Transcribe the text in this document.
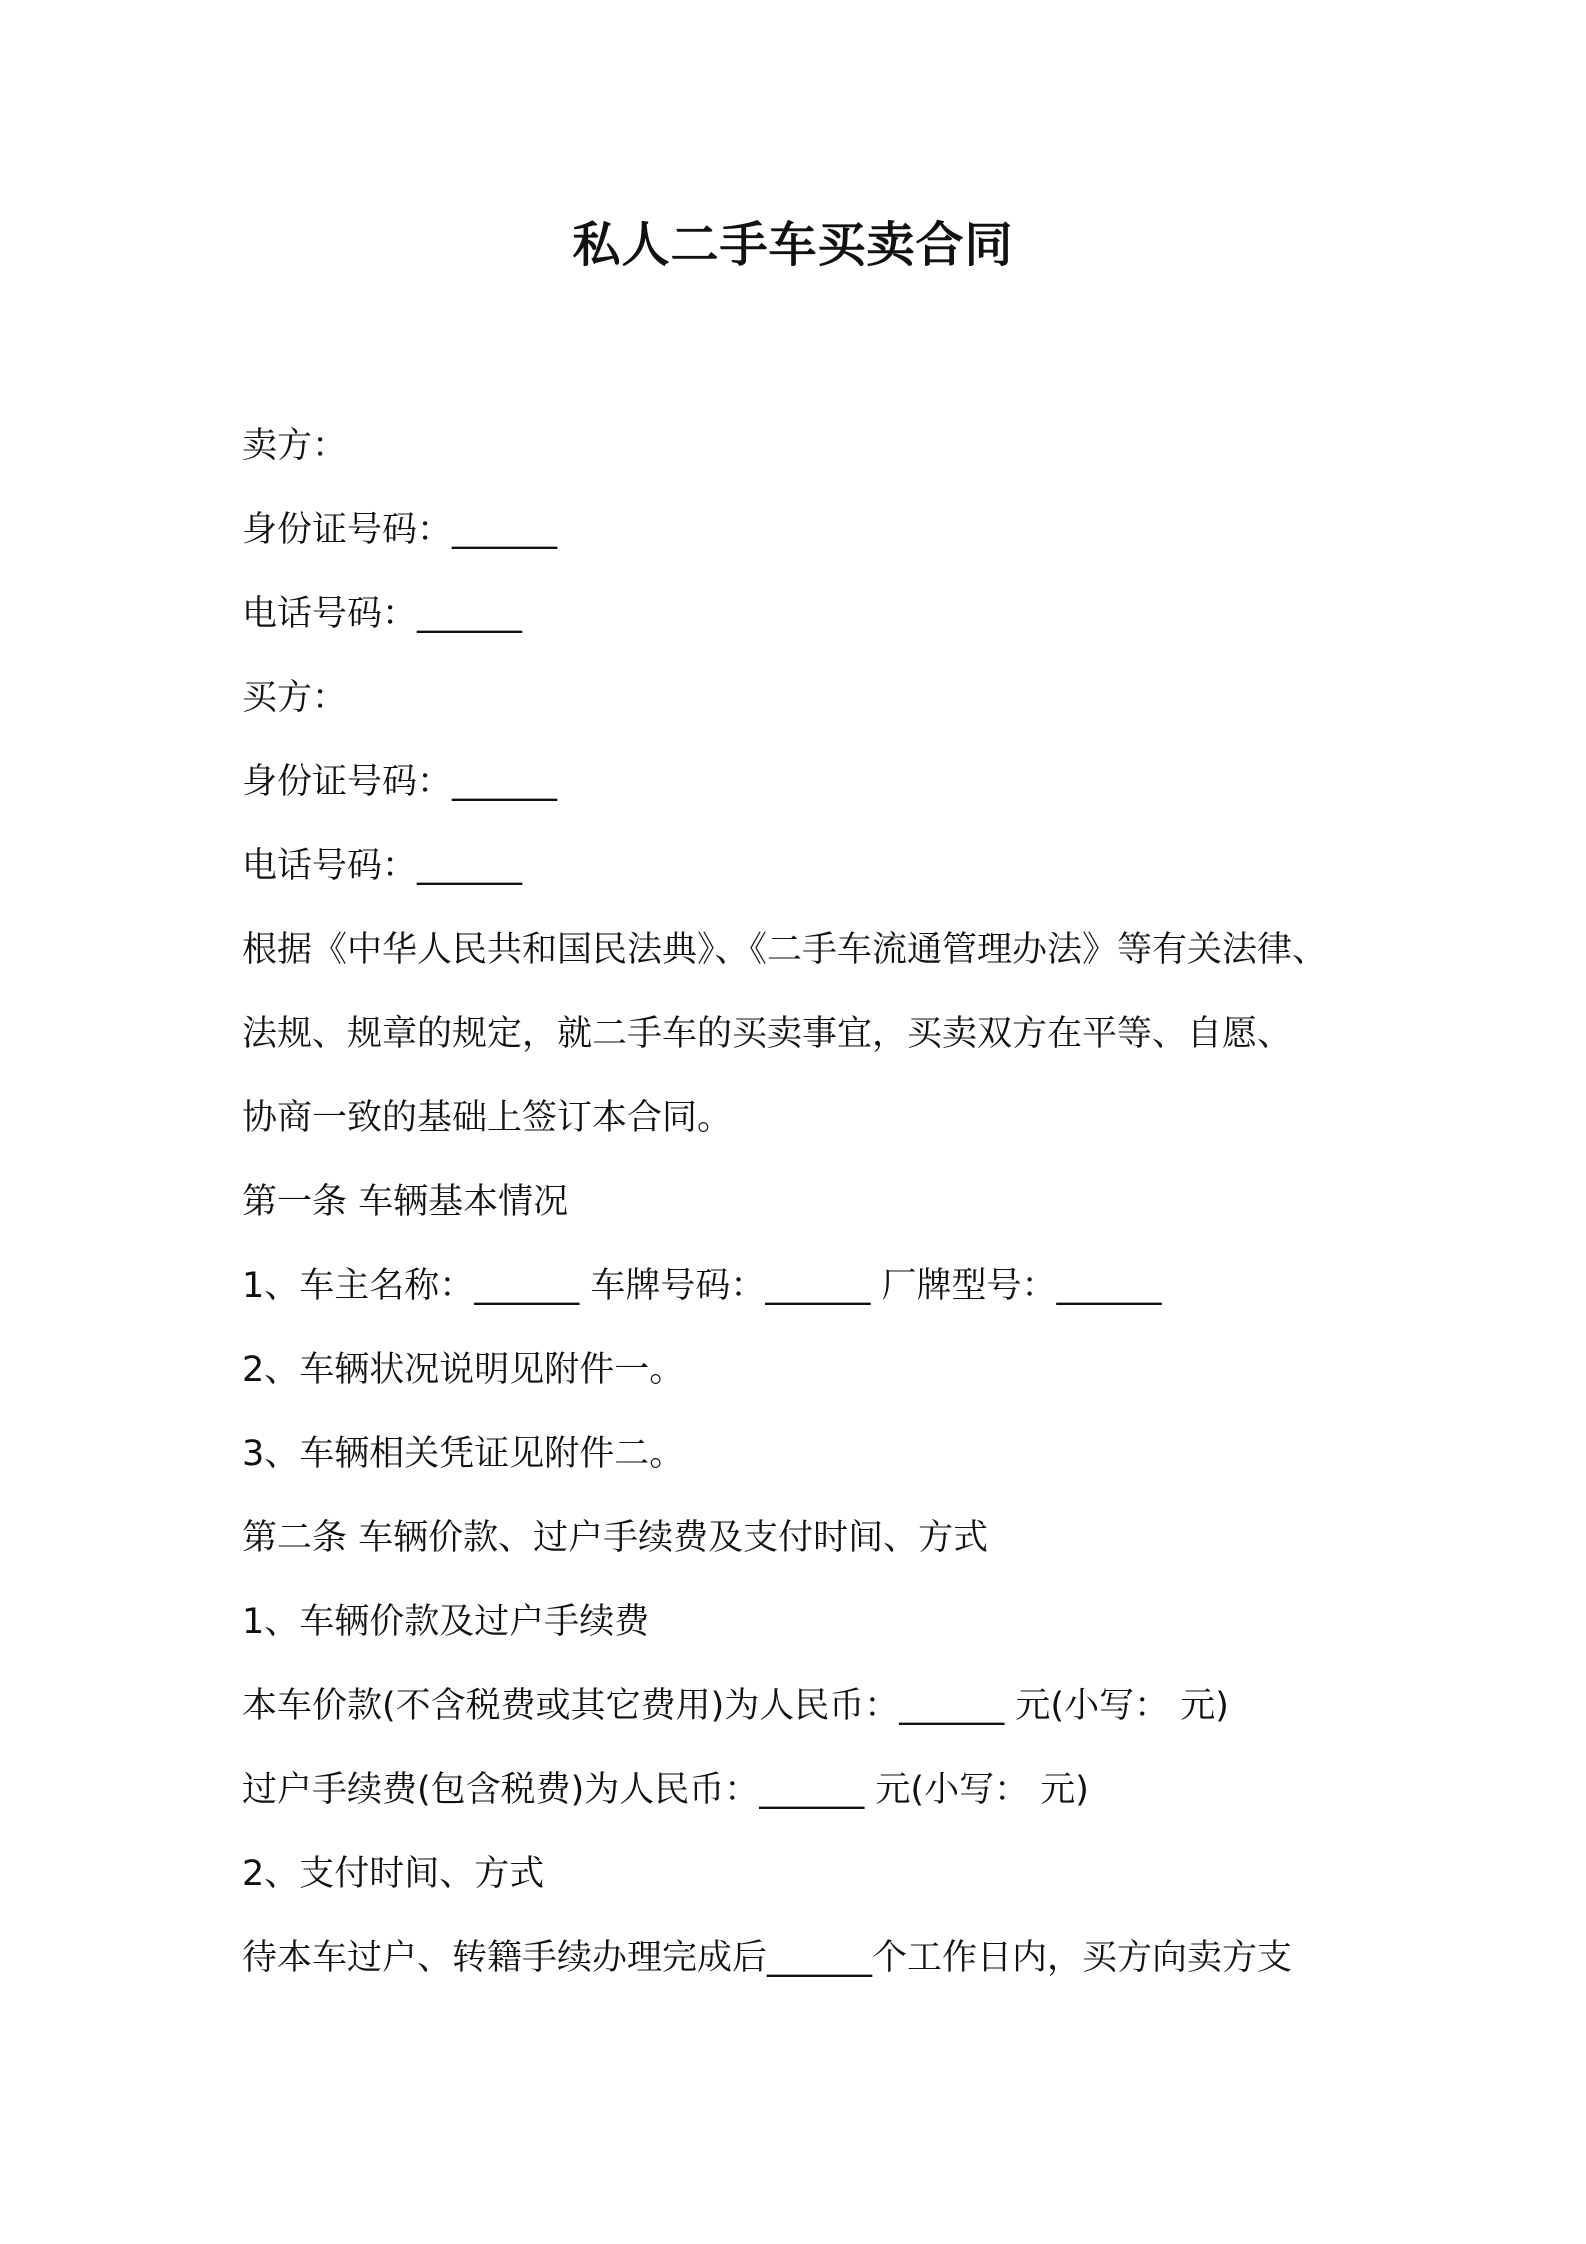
私人二手车买卖合同

卖方：

身份证号码：______

电话号码：______

买方：

身份证号码：______

电话号码：______

根据《中华人民共和国民法典》、《二手车流通管理办法》等有关法律、

法规、规章的规定，就二手车的买卖事宜，买卖双方在平等、自愿、

协商一致的基础上签订本合同。

第一条 车辆基本情况

1、车主名称：______ 车牌号码：______ 厂牌型号：______

2、车辆状况说明见附件一。

3、车辆相关凭证见附件二。

第二条 车辆价款、过户手续费及支付时间、方式

1、车辆价款及过户手续费

本车价款(不含税费或其它费用)为人民币：______ 元(小写： 元)

过户手续费(包含税费)为人民币：______ 元(小写： 元)

2、支付时间、方式

待本车过户、转籍手续办理完成后______个工作日内，买方向卖方支
